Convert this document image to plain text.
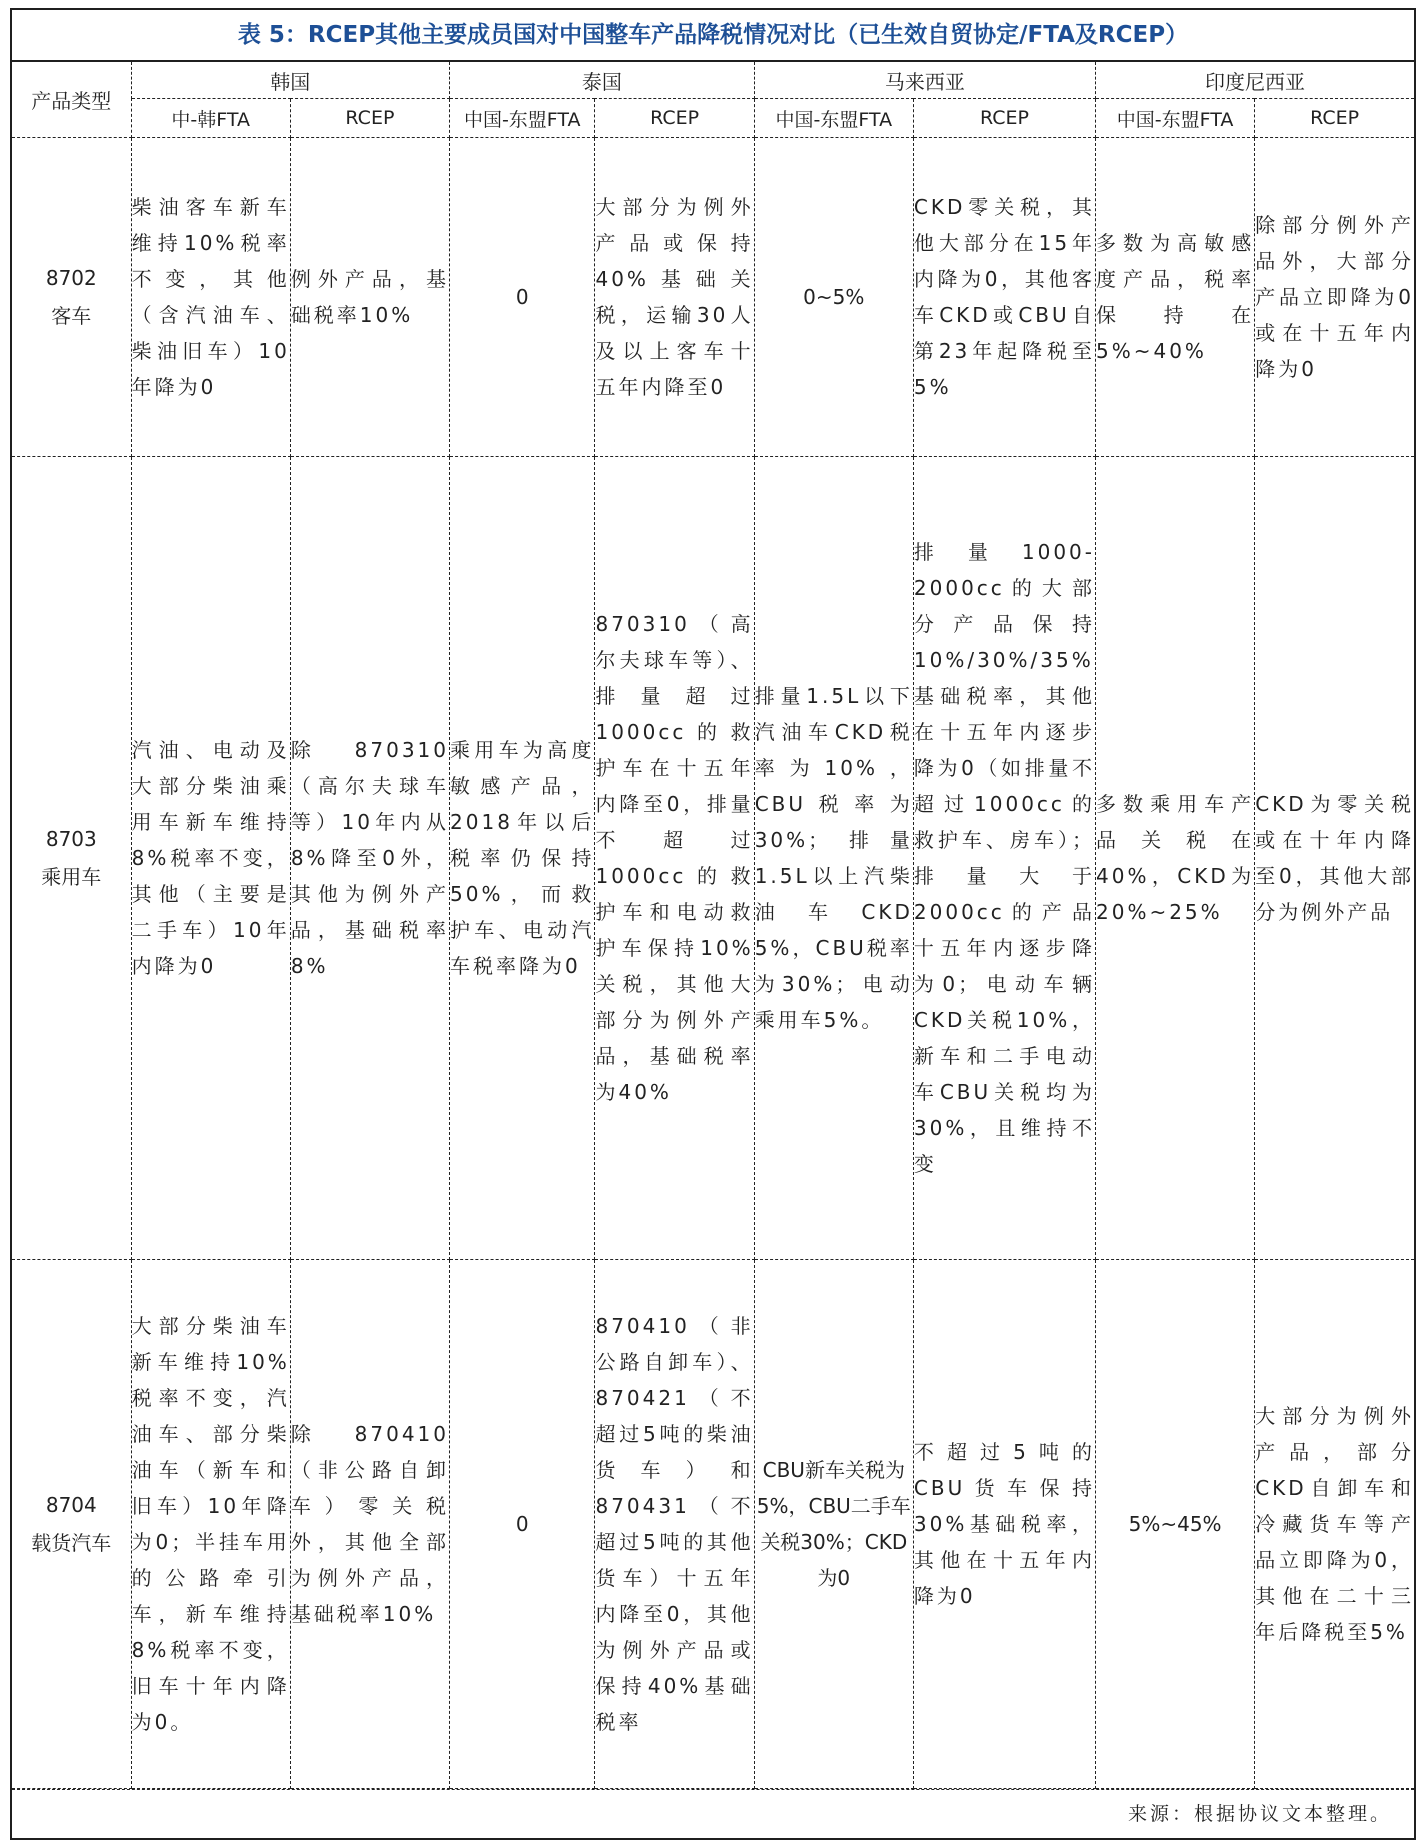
表 5：RCEP其他主要成员国对中国整车产品降税情况对比（已生效自贸协定/FTA及RCEP）
产品类型	韩国		泰国		马来西亚		印度尼西亚	
	中-韩FTA	RCEP	中国-东盟FTA	RCEP	中国-东盟FTA	RCEP	中国-东盟FTA	RCEP

8702
客车	柴油客车新车维持10%税率不变，其他（含汽油车、柴油旧车）10年降为0	例外产品，基础税率10%	0	大部分为例外产品或保持40%基础关税，运输30人及以上客车十五年内降至0	0~5%	CKD零关税，其他大部分在15年内降为0，其他客车CKD或CBU自第23年起降税至5%	多数为高敏感度产品，税率保持在5%~40%	除部分例外产品外，大部分产品立即降为0或在十五年内降为0

8703
乘用车	汽油、电动及大部分柴油乘用车新车维持8%税率不变，其他（主要是二手车）10年内降为0	除870310（高尔夫球车等）10年内从8%降至0外，其他为例外产品，基础税率8%	乘用车为高度敏感产品，2018年以后税率仍保持50%，而救护车、电动汽车税率降为0	870310（高尔夫球车等）、排量超过1000cc的救护车在十五年内降至0，排量不超过1000cc的救护车和电动救护车保持10%关税，其他大部分为例外产品，基础税率为40%	排量1.5L以下汽油车CKD税率为10%，CBU税率为30%；排量1.5L以上汽柴油车CKD 5%，CBU税率为30%；电动乘用车5%。	排量1000-2000cc的大部分产品保持10%/30%/35%基础税率，其他在十五年内逐步降为0（如排量不超过1000cc的救护车、房车）；排量大于2000cc的产品十五年内逐步降为0；电动车辆CKD关税10%，新车和二手电动车CBU关税均为30%，且维持不变	多数乘用车产品关税在40%，CKD为20%~25%	CKD为零关税或在十年内降至0，其他大部分为例外产品

8704
载货汽车	大部分柴油车新车维持10%税率不变，汽油车、部分柴油车（新车和旧车）10年降为0；半挂车用的公路牵引车，新车维持8%税率不变，旧车十年内降为0。	除870410（非公路自卸车）零关税外，其他全部为例外产品，基础税率10%	0	870410（非公路自卸车）、870421（不超过5吨的柴油货车）和870431（不超过5吨的其他货车）十五年内降至0，其他为例外产品或保持40%基础税率	CBU新车关税为5%，CBU二手车关税30%；CKD为0	不超过5吨的CBU货车保持30%基础税率，其他在十五年内降为0	5%~45%	大部分为例外产品，部分CKD自卸车和冷藏货车等产品立即降为0，其他在二十三年后降税至5%
来源：根据协议文本整理。
